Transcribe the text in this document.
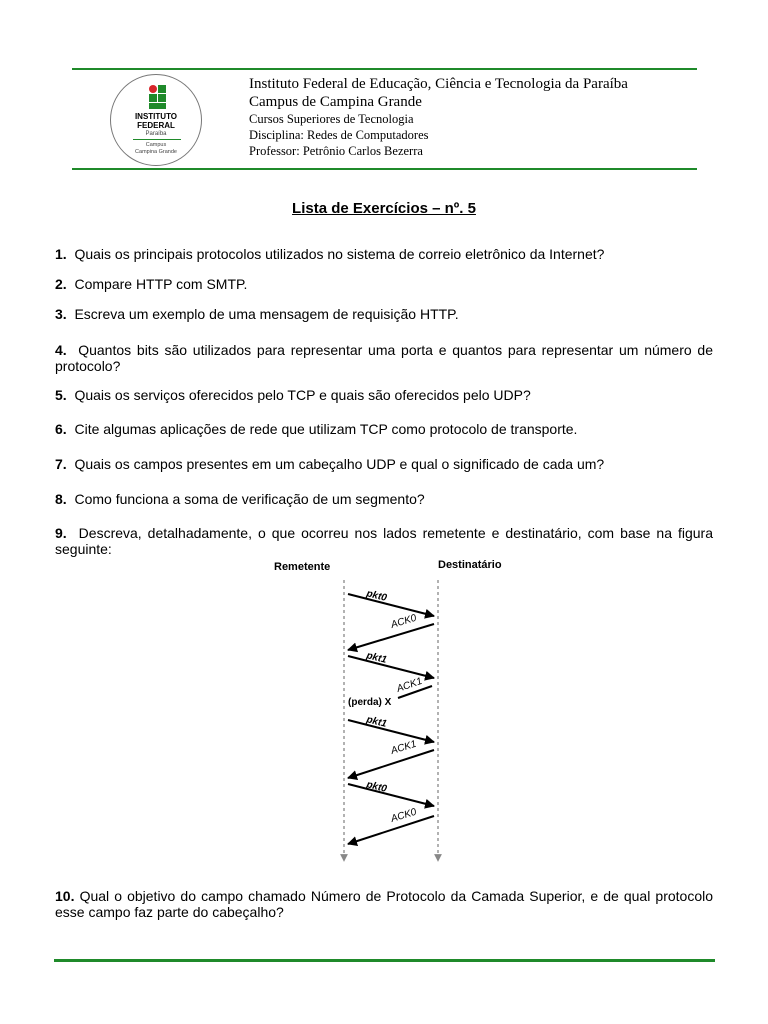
INSTITUTO
FEDERAL
Paraíba
Campus
Campina Grande
Instituto Federal de Educação, Ciência e Tecnologia da Paraíba
Campus de Campina Grande
Cursos Superiores de Tecnologia
Disciplina: Redes de Computadores
Professor: Petrônio Carlos Bezerra
Lista de Exercícios – nº. 5
1. Quais os principais protocolos utilizados no sistema de correio eletrônico da Internet?
2. Compare HTTP com SMTP.
3. Escreva um exemplo de uma mensagem de requisição HTTP.
4. Quantos bits são utilizados para representar uma porta e quantos para representar um número de protocolo?
5. Quais os serviços oferecidos pelo TCP e quais são oferecidos pelo UDP?
6. Cite algumas aplicações de rede que utilizam TCP como protocolo de transporte.
7. Quais os campos presentes em um cabeçalho UDP e qual o significado de cada um?
8. Como funciona a soma de verificação de um segmento?
9. Descreva, detalhadamente, o que ocorreu nos lados remetente e destinatário, com base na figura seguinte:
Remetente	Destinatário
pkt0
ACK0
pkt1
ACK1
(perda) X
pkt1
ACK1
pkt0
ACK0
10. Qual o objetivo do campo chamado Número de Protocolo da Camada Superior, e de qual protocolo esse campo faz parte do cabeçalho?
